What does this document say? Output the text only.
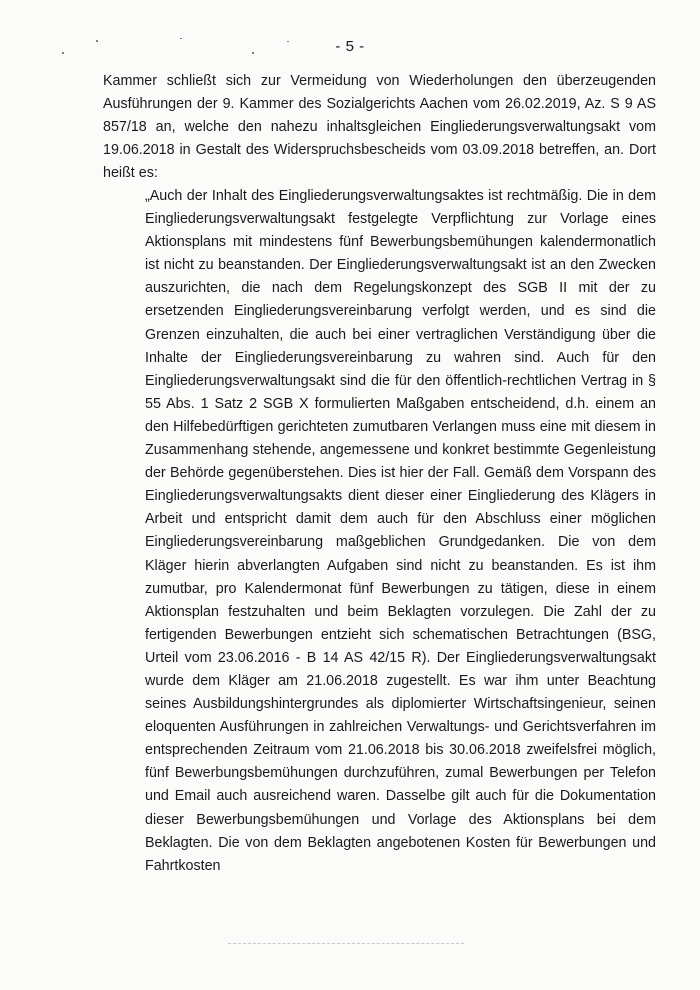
- 5 -

Kammer schließt sich zur Vermeidung von Wiederholungen den überzeugenden Ausführungen der 9. Kammer des Sozialgerichts Aachen vom 26.02.2019, Az. S 9 AS 857/18 an, welche den nahezu inhaltsgleichen Eingliederungsverwaltungsakt vom 19.06.2018 in Gestalt des Widerspruchsbescheids vom 03.09.2018 betreffen, an. Dort heißt es:

„Auch der Inhalt des Eingliederungsverwaltungsaktes ist rechtmäßig. Die in dem Eingliederungsverwaltungsakt festgelegte Verpflichtung zur Vorlage eines Aktionsplans mit mindestens fünf Bewerbungsbemühungen kalendermonatlich ist nicht zu beanstanden. Der Eingliederungsverwaltungsakt ist an den Zwecken auszurichten, die nach dem Regelungskonzept des SGB II mit der zu ersetzenden Eingliederungsvereinbarung verfolgt werden, und es sind die Grenzen einzuhalten, die auch bei einer vertraglichen Verständigung über die Inhalte der Eingliederungsvereinbarung zu wahren sind. Auch für den Eingliederungsverwaltungsakt sind die für den öffentlich-rechtlichen Vertrag in § 55 Abs. 1 Satz 2 SGB X formulierten Maßgaben entscheidend, d.h. einem an den Hilfebedürftigen gerichteten zumutbaren Verlangen muss eine mit diesem in Zusammenhang stehende, angemessene und konkret bestimmte Gegenleistung der Behörde gegenüberstehen. Dies ist hier der Fall. Gemäß dem Vorspann des Eingliederungsverwaltungsakts dient dieser einer Eingliederung des Klägers in Arbeit und entspricht damit dem auch für den Abschluss einer möglichen Eingliederungsvereinbarung maßgeblichen Grundgedanken. Die von dem Kläger hierin abverlangten Aufgaben sind nicht zu beanstanden. Es ist ihm zumutbar, pro Kalendermonat fünf Bewerbungen zu tätigen, diese in einem Aktionsplan festzuhalten und beim Beklagten vorzulegen. Die Zahl der zu fertigenden Bewerbungen entzieht sich schematischen Betrachtungen (BSG, Urteil vom 23.06.2016 - B 14 AS 42/15 R). Der Eingliederungsverwaltungsakt wurde dem Kläger am 21.06.2018 zugestellt. Es war ihm unter Beachtung seines Ausbildungshintergrundes als diplomierter Wirtschaftsingenieur, seinen eloquenten Ausführungen in zahlreichen Verwaltungs- und Gerichtsverfahren im entsprechenden Zeitraum vom 21.06.2018 bis 30.06.2018 zweifelsfrei möglich, fünf Bewerbungsbemühungen durchzuführen, zumal Bewerbungen per Telefon und Email auch ausreichend waren. Dasselbe gilt auch für die Dokumentation dieser Bewerbungsbemühungen und Vorlage des Aktionsplans bei dem Beklagten. Die von dem Beklagten angebotenen Kosten für Bewerbungen und Fahrtkosten
